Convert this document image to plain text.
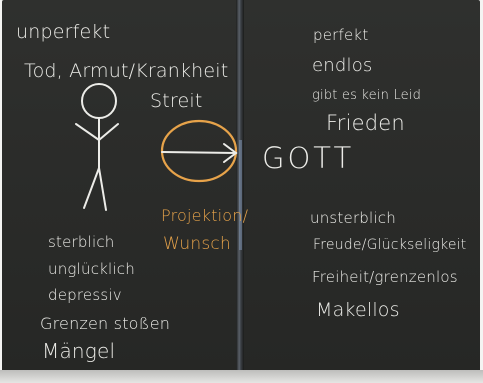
unperfekt
Tod, Armut/Krankheit
Streit
Projektion/
Wunsch
sterblich
unglücklich
depressiv
Grenzen stoßen
Mängel
perfekt
endlos
gibt es kein Leid
Frieden
GOTT
unsterblich
Freude/Glückseligkeit
Freiheit/grenzenlos
Makellos
